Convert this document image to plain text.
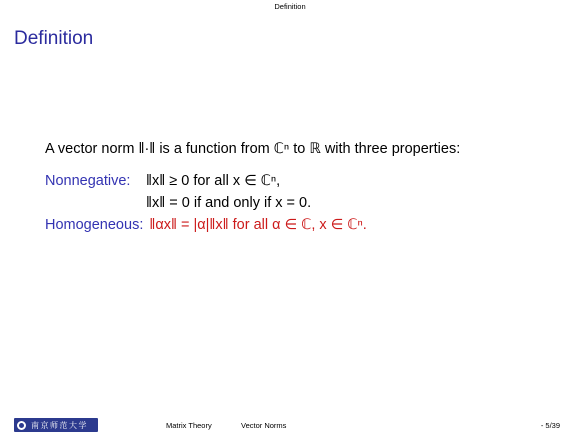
Definition
Definition
A vector norm ‖·‖ is a function from ℂⁿ to ℝ with three properties:
Nonnegative:	‖x‖ ≥ 0 for all x ∈ ℂⁿ,
‖x‖ = 0 if and only if x = 0.
Homogeneous: ‖αx‖ = |α|‖x‖ for all α ∈ ℂ, x ∈ ℂⁿ.
南京师范大学	Matrix Theory	Vector Norms	- 5/39
